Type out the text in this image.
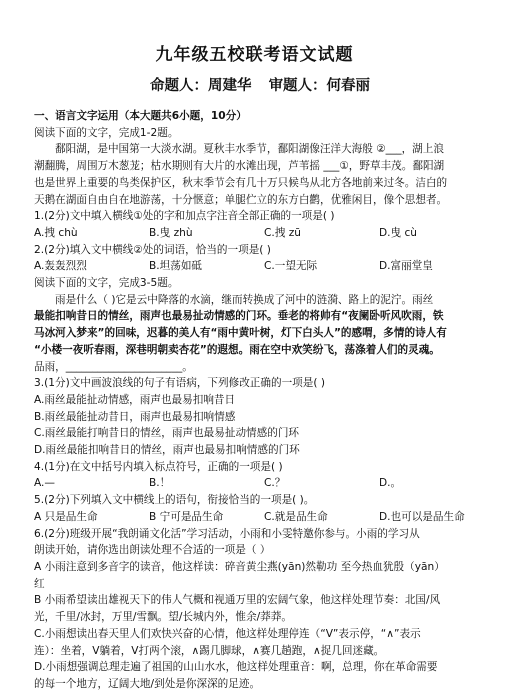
九年级五校联考语文试题
命题人：周建华 审题人：何春丽
一、语言文字运用（本大题共6小题，10分）
阅读下面的文字，完成1-2题。
鄱阳湖，是中国第一大淡水湖。夏秋丰水季节，鄱阳湖像汪洋大海般 ②___，湖上浪
潮翻腾，周围万木葱茏；枯水期则有大片的水滩出现，芦苇摇 ___①，野草丰茂。鄱阳湖
也是世界上重要的鸟类保护区，秋末季节会有几十万只候鸟从北方各地前来过冬。洁白的
天鹅在湖面自由自在地游荡，十分惬意；单腿伫立的东方白鹳，优雅闲目，像个思想者。
1.(2分)文中填入横线①处的字和加点字注音全部正确的一项是( )
A.拽 chù	B.曳 zhù	C.拽 zū	D.曳 cù
2.(2分)填入文中横线②处的词语，恰当的一项是( )
A.轰轰烈烈	B.坦荡如砥	C.一望无际	D.富丽堂皇
阅读下面的文字，完成3-5题。
雨是什么（ )它是云中降落的水滴，继而转换成了河中的涟漪、路上的泥泞。雨丝
最能扣响昔日的情丝，雨声也最易扯动情感的门环。垂老的将帅有“夜阑卧听风吹雨，铁
马冰河入梦来”的回味，迟暮的美人有“雨中黄叶树，灯下白头人”的感喟，多情的诗人有
“小楼一夜听春雨，深巷明朝卖杏花”的遐想。雨在空中欢笑纷飞，荡涤着人们的灵魂。
品雨，______________________。
3.(1分)文中画波浪线的句子有语病，下列修改正确的一项是( )
A.雨丝最能扯动情感，雨声也最易扣响昔日
B.雨丝最能扯动昔日，雨声也最易扣响情感
C.雨丝最能打响昔日的情丝，雨声也最易扯动情感的门环
D.雨丝最能扣响昔日的情丝，雨声也最易扣响情感的门环
4.(1分)在文中括号内填入标点符号，正确的一项是( )
A.—	B.！	C.？	D.。
5.(2分)下列填入文中横线上的语句，衔接恰当的一项是( )。
A 只是品生命	B 宁可是品生命	C.就是品生命	D.也可以是品生命
6.(2分)班级开展“我朗诵文化活”学习活动，小雨和小雯特邀你参与。小雨的学习从
朗读开始，请你选出朗读处理不合适的一项是（ ）
A 小雨注意到多音字的读音，他这样读：碎音黄尘燕(yān)然勒功 至今热血犹殷（yān）
红
B 小雨希望读出雄视天下的伟人气概和视通万里的宏阔气象，他这样处理节奏：北国/风
光，千里/冰封，万里/雪飘。望/长城内外，惟余/莽莽。
C.小雨想读出春天里人们欢快兴奋的心情，他这样处理停连（“V”表示停，“∧”表示
连）：坐着，V躺着，V打两个滚，∧踢几脚球，∧赛几趟跑，∧捉几回迷藏。
D.小雨想强调总理走遍了祖国的山山水水，他这样处理重音：啊，总理，你在革命需要
的每一个地方，辽阔大地/到处是你深深的足迹。
